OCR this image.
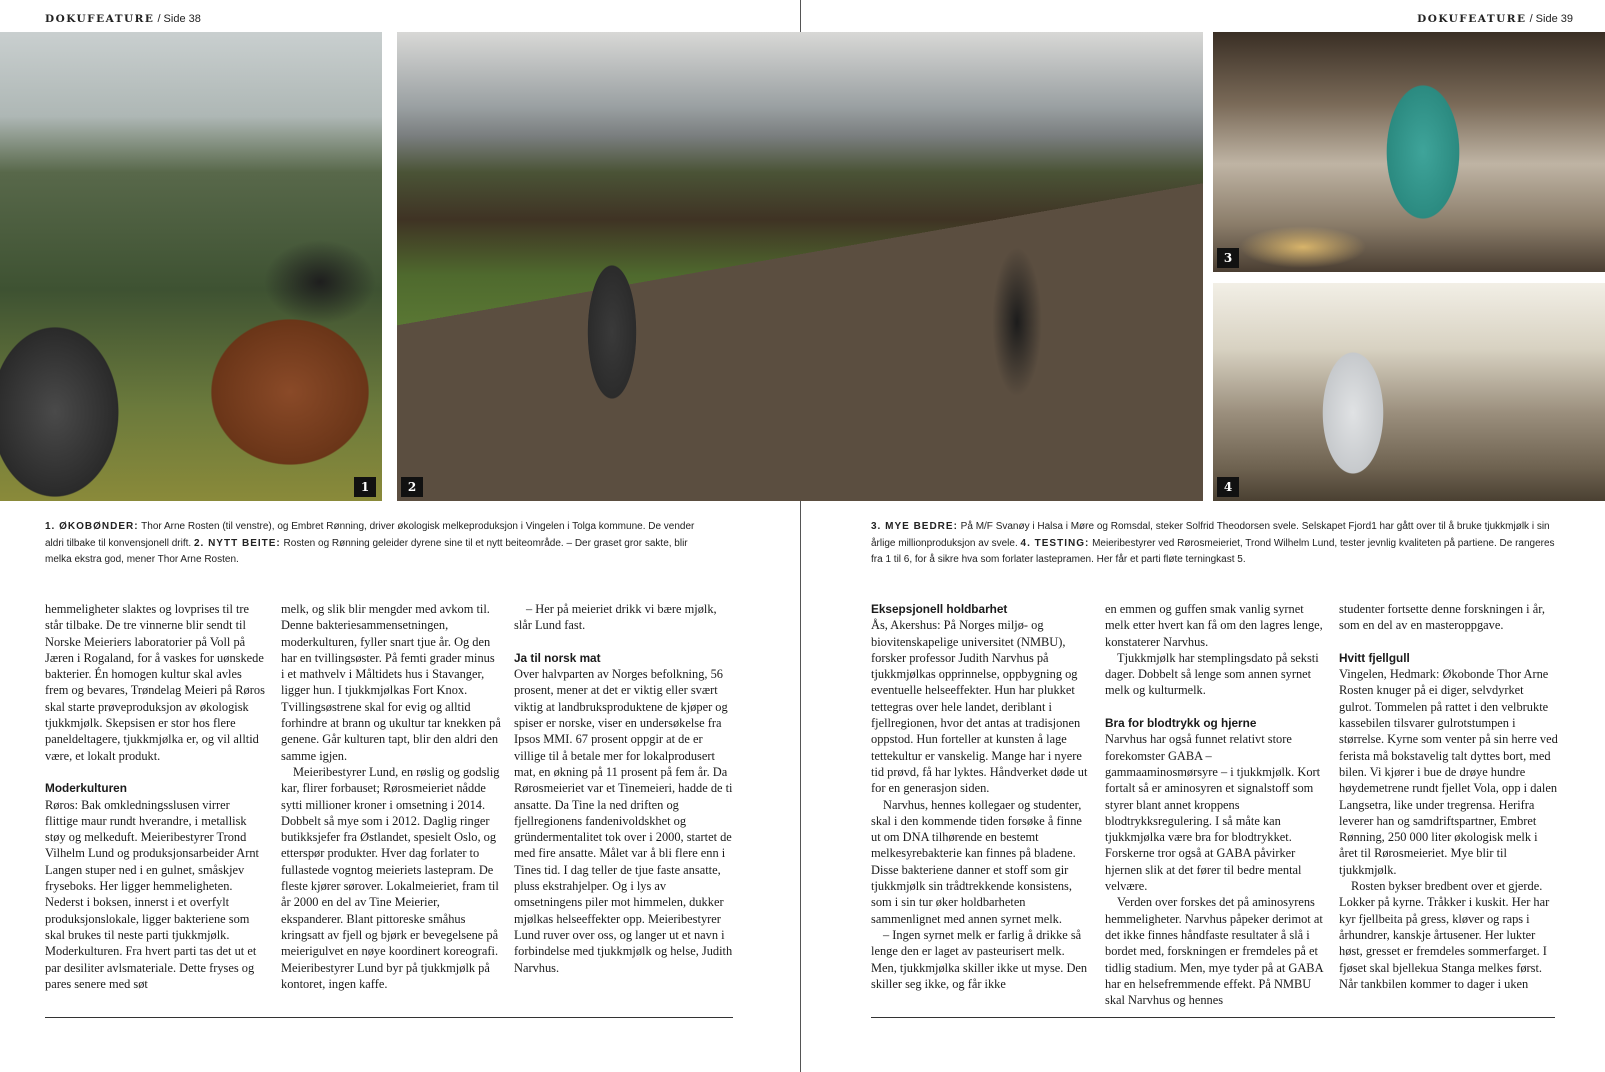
DOKUFEATURE / Side 38
1
1. ØKOBØNDER: Thor Arne Rosten (til venstre), og Embret Rønning, driver økologisk melkeproduksjon i Vingelen i Tolga kommune. De vender aldri tilbake til konvensjonell drift. 2. NYTT BEITE: Rosten og Rønning geleider dyrene sine til et nytt beiteområde. – Der graset gror sakte, blir melka ekstra god, mener Thor Arne Rosten.

hemmeligheter slaktes og lovprises til tre står tilbake. De tre vinnerne blir sendt til Norske Meieriers laboratorier på Voll på Jæren i Rogaland, for å vaskes for uønskede bakterier. Én homogen kultur skal avles frem og bevares, Trøndelag Meieri på Røros skal starte prøveproduksjon av økologisk tjukkmjølk. Skepsisen er stor hos flere paneldeltagere, tjukkmjølka er, og vil alltid være, et lokalt produkt.

Moderkulturen

Røros: Bak omkledningsslusen virrer flittige maur rundt hverandre, i metallisk støy og melkeduft. Meieribestyrer Trond Vilhelm Lund og produksjonsarbeider Arnt Langen stuper ned i en gulnet, småskjev fryseboks. Her ligger hemmeligheten. Nederst i boksen, innerst i et overfylt produksjonslokale, ligger bakteriene som skal brukes til neste parti tjukkmjølk. Moderkulturen. Fra hvert parti tas det ut et par desiliter avlsmateriale. Dette fryses og pares senere med søt

melk, og slik blir mengder med avkom til. Denne bakteriesammensetningen, moderkulturen, fyller snart tjue år. Og den har en tvillingsøster. På femti grader minus i et mathvelv i Måltidets hus i Stavanger, ligger hun. I tjukkmjølkas Fort Knox. Tvillingsøstrene skal for evig og alltid forhindre at brann og ukultur tar knekken på genene. Går kulturen tapt, blir den aldri den samme igjen.

Meieribestyrer Lund, en røslig og godslig kar, flirer forbauset; Rørosmeieriet nådde sytti millioner kroner i omsetning i 2014. Dobbelt så mye som i 2012. Daglig ringer butikksjefer fra Østlandet, spesielt Oslo, og etterspør produkter. Hver dag forlater to fullastede vogntog meieriets lastepram. De fleste kjører sørover. Lokalmeieriet, fram til år 2000 en del av Tine Meierier, ekspanderer. Blant pittoreske småhus kringsatt av fjell og bjørk er bevegelsene på meierigulvet en nøye koordinert koreografi. Meieribestyrer Lund byr på tjukkmjølk på kontoret, ingen kaffe.

– Her på meieriet drikk vi bære mjølk, slår Lund fast.

Ja til norsk mat

Over halvparten av Norges befolkning, 56 prosent, mener at det er viktig eller svært viktig at landbruksproduktene de kjøper og spiser er norske, viser en undersøkelse fra Ipsos MMI. 67 prosent oppgir at de er villige til å betale mer for lokalprodusert mat, en økning på 11 prosent på fem år. Da Rørosmeieriet var et Tinemeieri, hadde de ti ansatte. Da Tine la ned driften og fjellregionens fandenivoldskhet og gründermentalitet tok over i 2000, startet de med fire ansatte. Målet var å bli flere enn i Tines tid. I dag teller de tjue faste ansatte, pluss ekstrahjelper. Og i lys av omsetningens piler mot himmelen, dukker mjølkas helseeffekter opp. Meieribestyrer Lund ruver over oss, og langer ut et navn i forbindelse med tjukkmjølk og helse, Judith Narvhus.

2
3
4
DOKUFEATURE / Side 39
3. MYE BEDRE: På M/F Svanøy i Halsa i Møre og Romsdal, steker Solfrid Theodorsen svele. Selskapet Fjord1 har gått over til å bruke tjukkmjølk i sin årlige millionproduksjon av svele. 4. TESTING: Meieribestyrer ved Rørosmeieriet, Trond Wilhelm Lund, tester jevnlig kvaliteten på partiene. De rangeres fra 1 til 6, for å sikre hva som forlater lastepramen. Her får et parti fløte terningkast 5.
Eksepsjonell holdbarhet

Ås, Akershus: På Norges miljø- og biovitenskapelige universitet (NMBU), forsker professor Judith Narvhus på tjukkmjølkas opprinnelse, oppbygning og eventuelle helseeffekter. Hun har plukket tettegras over hele landet, deriblant i fjellregionen, hvor det antas at tradisjonen oppstod. Hun forteller at kunsten å lage tettekultur er vanskelig. Mange har i nyere tid prøvd, få har lyktes. Håndverket døde ut for en generasjon siden.

Narvhus, hennes kollegaer og studenter, skal i den kommende tiden forsøke å finne ut om DNA tilhørende en bestemt melkesyrebakterie kan finnes på bladene. Disse bakteriene danner et stoff som gir tjukkmjølk sin trådtrekkende konsistens, som i sin tur øker holdbarheten sammenlignet med annen syrnet melk.

– Ingen syrnet melk er farlig å drikke så lenge den er laget av pasteurisert melk. Men, tjukkmjølka skiller ikke ut myse. Den skiller seg ikke, og får ikke

en emmen og guffen smak vanlig syrnet melk etter hvert kan få om den lagres lenge, konstaterer Narvhus.

Tjukkmjølk har stemplingsdato på seksti dager. Dobbelt så lenge som annen syrnet melk og kulturmelk.

Bra for blodtrykk og hjerne

Narvhus har også funnet relativt store forekomster GABA – gammaaminosmørsyre – i tjukkmjølk. Kort fortalt så er aminosyren et signalstoff som styrer blant annet kroppens blodtrykksregulering. I så måte kan tjukkmjølka være bra for blodtrykket. Forskerne tror også at GABA påvirker hjernen slik at det fører til bedre mental velvære.

Verden over forskes det på aminosyrens hemmeligheter. Narvhus påpeker derimot at det ikke finnes håndfaste resultater å slå i bordet med, forskningen er fremdeles på et tidlig stadium. Men, mye tyder på at GABA har en helsefremmende effekt. På NMBU skal Narvhus og hennes

studenter fortsette denne forskningen i år, som en del av en masteroppgave.

Hvitt fjellgull

Vingelen, Hedmark: Økobonde Thor Arne Rosten knuger på ei diger, selvdyrket gulrot. Tommelen på rattet i den velbrukte kassebilen tilsvarer gulrotstumpen i størrelse. Kyrne som venter på sin herre ved ferista må bokstavelig talt dyttes bort, med bilen. Vi kjører i bue de drøye hundre høydemetrene rundt fjellet Vola, opp i dalen Langsetra, like under tregrensa. Herifra leverer han og samdriftspartner, Embret Rønning, 250 000 liter økologisk melk i året til Rørosmeieriet. Mye blir til tjukkmjølk.

Rosten bykser bredbent over et gjerde. Lokker på kyrne. Tråkker i kuskit. Her har kyr fjellbeita på gress, kløver og raps i århundrer, kanskje årtusener. Her lukter høst, gresset er fremdeles sommerfarget. I fjøset skal bjellekua Stanga melkes først. Når tankbilen kommer to dager i uken
